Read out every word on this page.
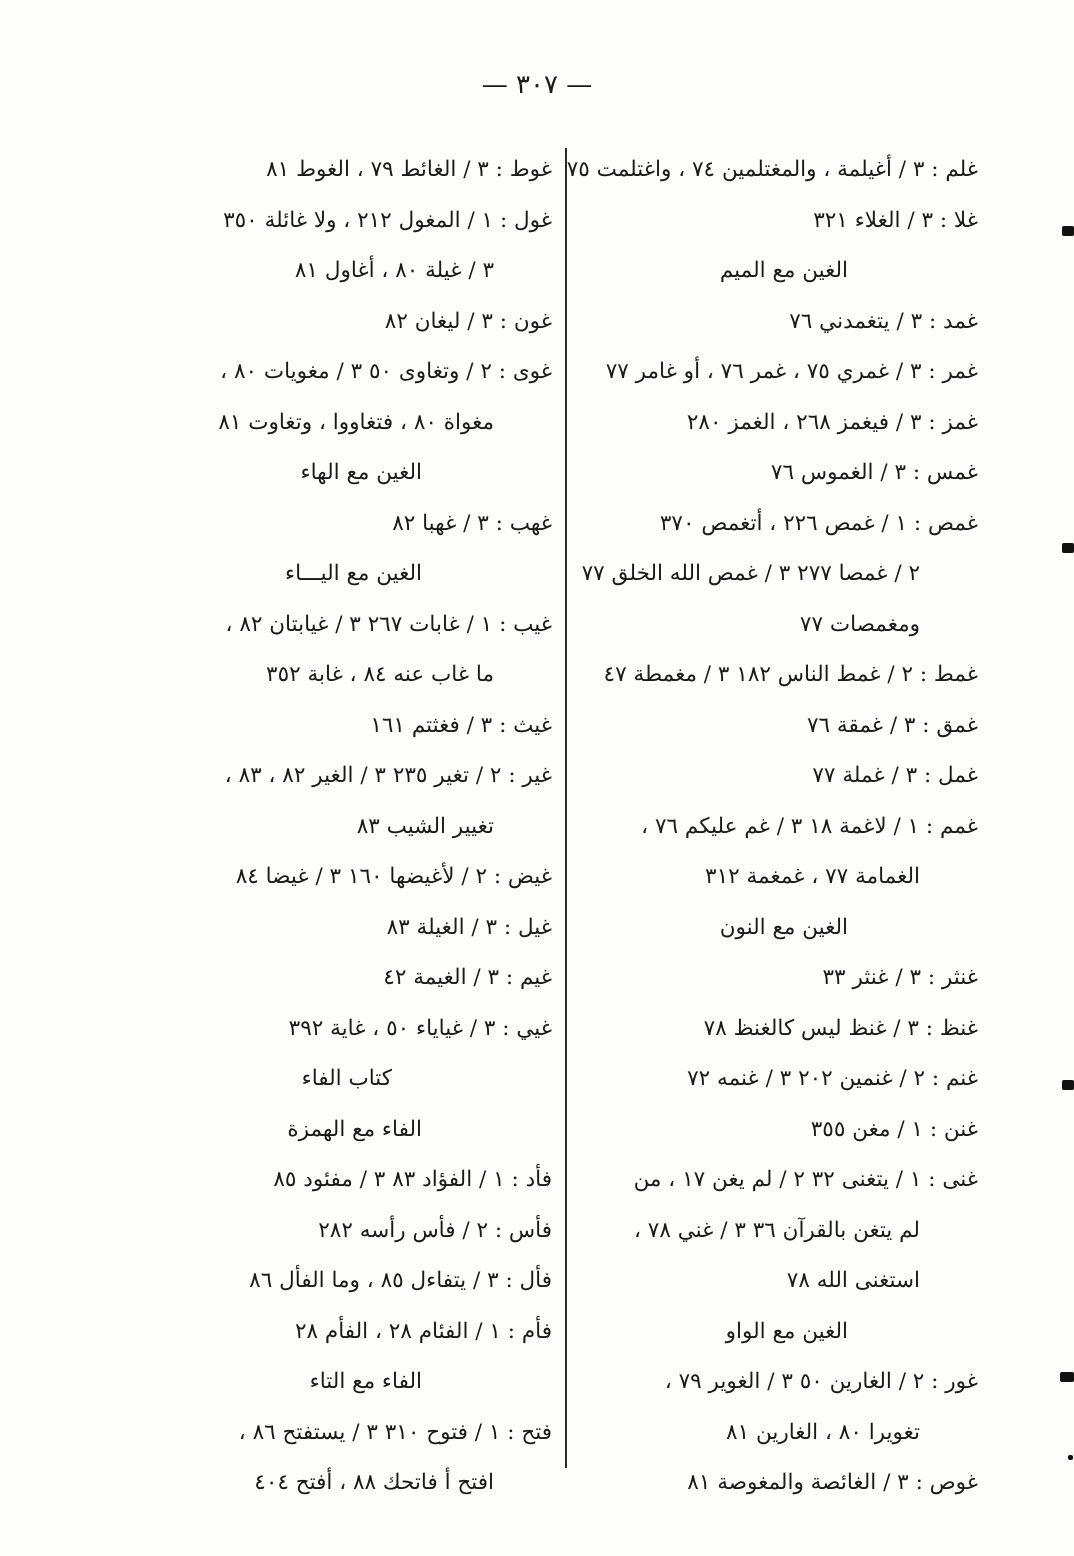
— ٣٠٧ —
غلم : ٣ / أغيلمة ، والمغتلمين ٧٤ ، واغتلمت ٧٥
غلا : ٣ / الغلاء ٣٢١
الغين مع الميم
غمد : ٣ / يتغمدني ٧٦
غمر : ٣ / غمري ٧٥ ، غمر ٧٦ ، أو غامر ٧٧
غمز : ٣ / فيغمز ٢٦٨ ، الغمز ٢٨٠
غمس : ٣ / الغموس ٧٦
غمص : ١ / غمص ٢٢٦ ، أتغمص ٣٧٠
٢ / غمصا ٢٧٧ ٣ / غمص الله الخلق ٧٧
ومغمصات ٧٧
غمط : ٢ / غمط الناس ١٨٢ ٣ / مغمطة ٤٧
غمق : ٣ / غمقة ٧٦
غمل : ٣ / غملة ٧٧
غمم : ١ / لاغمة ١٨ ٣ / غم عليكم ٧٦ ،
الغمامة ٧٧ ، غمغمة ٣١٢
الغين مع النون
غنثر : ٣ / غنثر ٣٣
غنظ : ٣ / غنظ ليس كالغنظ ٧٨
غنم : ٢ / غنمين ٢٠٢ ٣ / غنمه ٧٢
غنن : ١ / مغن ٣٥٥
غنى : ١ / يتغنى ٣٢ ٢ / لم يغن ١٧ ، من
لم يتغن بالقرآن ٣٦ ٣ / غني ٧٨ ،
استغنى الله ٧٨
الغين مع الواو
غور : ٢ / الغارين ٥٠ ٣ / الغوير ٧٩ ،
تغويرا ٨٠ ، الغارين ٨١
غوص : ٣ / الغائصة والمغوصة ٨١
غوط : ٣ / الغائط ٧٩ ، الغوط ٨١
غول : ١ / المغول ٢١٢ ، ولا غائلة ٣٥٠
٣ / غيلة ٨٠ ، أغاول ٨١
غون : ٣ / ليغان ٨٢
غوى : ٢ / وتغاوى ٥٠ ٣ / مغويات ٨٠ ،
مغواة ٨٠ ، فتغاووا ، وتغاوت ٨١
الغين مع الهاء
غهب : ٣ / غهبا ٨٢
الغين مع اليـــاء
غيب : ١ / غابات ٢٦٧ ٣ / غيابتان ٨٢ ،
ما غاب عنه ٨٤ ، غابة ٣٥٢
غيث : ٣ / فغثتم ١٦١
غير : ٢ / تغير ٢٣٥ ٣ / الغير ٨٢ ، ٨٣ ،
تغيير الشيب ٨٣
غيض : ٢ / لأغيضها ١٦٠ ٣ / غيضا ٨٤
غيل : ٣ / الغيلة ٨٣
غيم : ٣ / الغيمة ٤٢
غيي : ٣ / غياياء ٥٠ ، غاية ٣٩٢
كتاب الفاء
الفاء مع الهمزة
فأد : ١ / الفؤاد ٨٣ ٣ / مفئود ٨٥
فأس : ٢ / فأس رأسه ٢٨٢
فأل : ٣ / يتفاءل ٨٥ ، وما الفأل ٨٦
فأم : ١ / الفئام ٢٨ ، الفأم ٢٨
الفاء مع التاء
فتح : ١ / فتوح ٣١٠ ٣ / يستفتح ٨٦ ،
افتح أ فاتحك ٨٨ ، أفتح ٤٠٤
